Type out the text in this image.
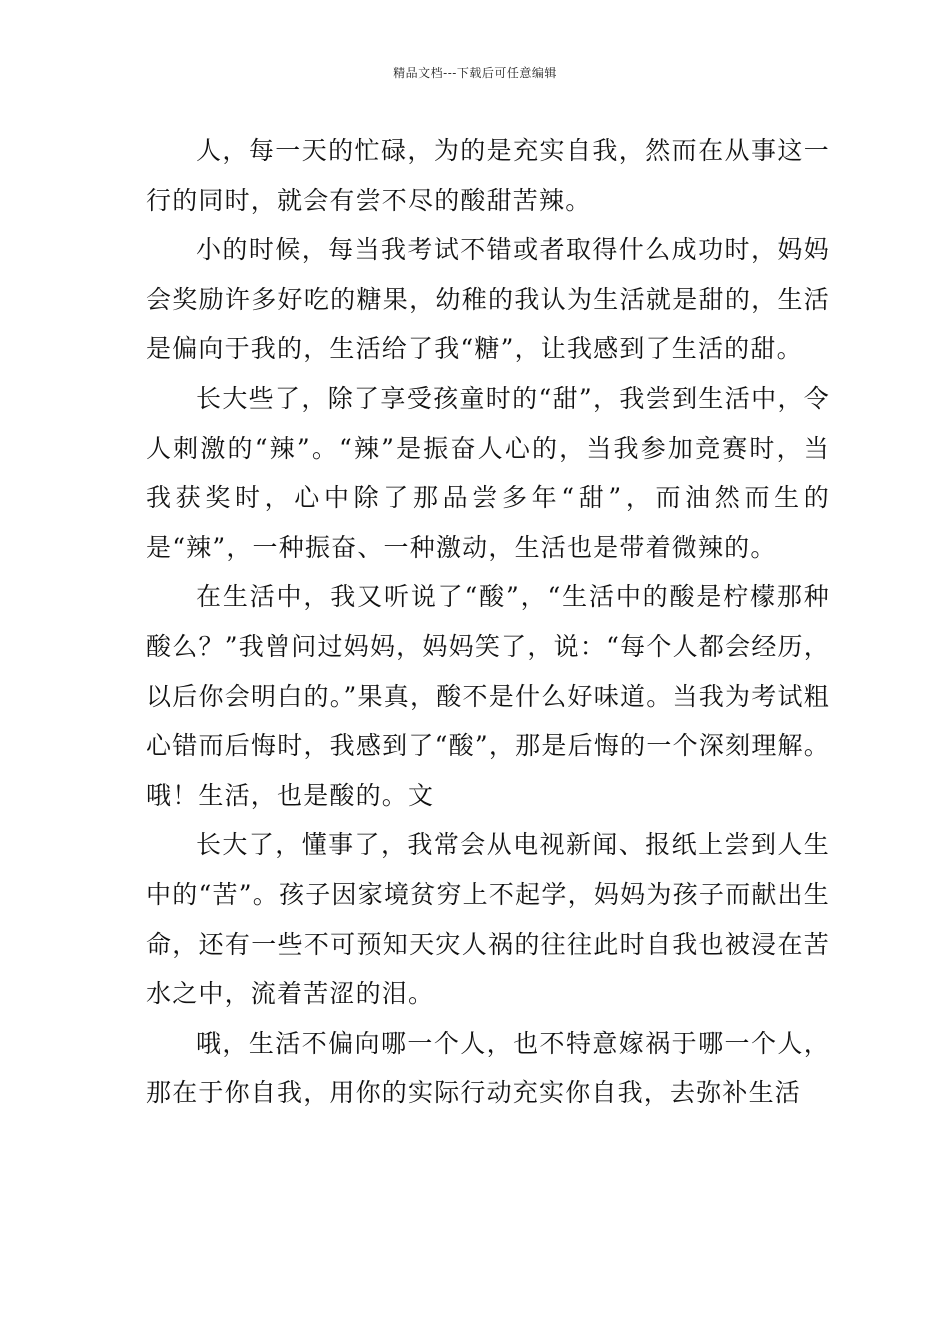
精品文档---下载后可任意编辑

人，每一天的忙碌，为的是充实自我，然而在从事这一行的同时，就会有尝不尽的酸甜苦辣。

小的时候，每当我考试不错或者取得什么成功时，妈妈会奖励许多好吃的糖果，幼稚的我认为生活就是甜的，生活是偏向于我的，生活给了我“糖”，让我感到了生活的甜。

长大些了，除了享受孩童时的“甜”，我尝到生活中，令人刺激的“辣”。“辣”是振奋人心的，当我参加竞赛时，当我获奖时，心中除了那品尝多年“甜”，而油然而生的是“辣”，一种振奋、一种激动，生活也是带着微辣的。

在生活中，我又听说了“酸”，“生活中的酸是柠檬那种酸么？”我曾问过妈妈，妈妈笑了，说：“每个人都会经历，以后你会明白的。”果真，酸不是什么好味道。当我为考试粗心错而后悔时，我感到了“酸”，那是后悔的一个深刻理解。哦！生活，也是酸的。文

长大了，懂事了，我常会从电视新闻、报纸上尝到人生中的“苦”。孩子因家境贫穷上不起学，妈妈为孩子而献出生命，还有一些不可预知天灾人祸的往往此时自我也被浸在苦水之中，流着苦涩的泪。

哦，生活不偏向哪一个人，也不特意嫁祸于哪一个人，那在于你自我，用你的实际行动充实你自我，去弥补生活
